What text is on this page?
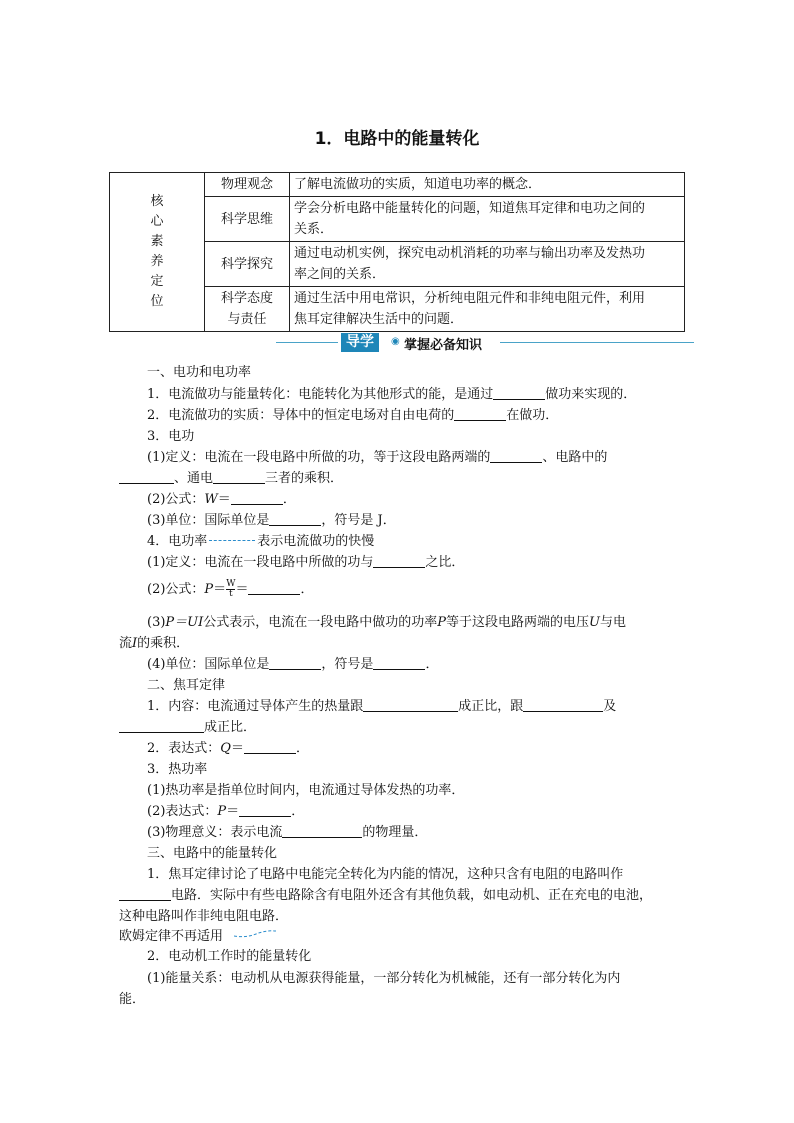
1．电路中的能量转化
核心素养定位	物理观念	了解电流做功的实质，知道电功率的概念．
	科学思维	学会分析电路中能量转化的问题，知道焦耳定律和电功之间的
关系．
	科学探究	通过电动机实例，探究电动机消耗的功率与输出功率及发热功
率之间的关系．
	科学态度
与责任	通过生活中用电常识，分析纯电阻元件和非纯电阻元件，利用
焦耳定律解决生活中的问题．
导学	◉ 掌握必备知识
一、电功和电功率
1．电流做功与能量转化：电能转化为其他形式的能，是通过	做功来实现的．
2．电流做功的实质：导体中的恒定电场对自由电荷的	在做功．
3．电功
(1)定义：电流在一段电路中所做的功，等于这段电路两端的	、电路中的
、通电	三者的乘积．
(2)公式：W＝	．
(3)单位：国际单位是	，符号是 J．
4．电功率	表示电流做功的快慢
(1)定义：电流在一段电路中所做的功与	之比．
(2)公式：$P= \frac{W}{t}$ ＝	．
(3)P＝UI公式表示，电流在一段电路中做功的功率P等于这段电路两端的电压U与电
流I的乘积．
(4)单位：国际单位是	，符号是	．
二、焦耳定律
1．内容：电流通过导体产生的热量跟	成正比，跟	及
成正比．
2．表达式：Q＝	．
3．热功率
(1)热功率是指单位时间内，电流通过导体发热的功率．
(2)表达式：P＝	．
(3)物理意义：表示电流	的物理量．
三、电路中的能量转化
1．焦耳定律讨论了电路中电能完全转化为内能的情况，这种只含有电阻的电路叫作
电路．实际中有些电路除含有电阻外还含有其他负载，如电动机、正在充电的电池，
这种电路叫作非纯电阻电路．
欧姆定律不再适用
2．电动机工作时的能量转化
(1)能量关系：电动机从电源获得能量，一部分转化为机械能，还有一部分转化为内
能．
